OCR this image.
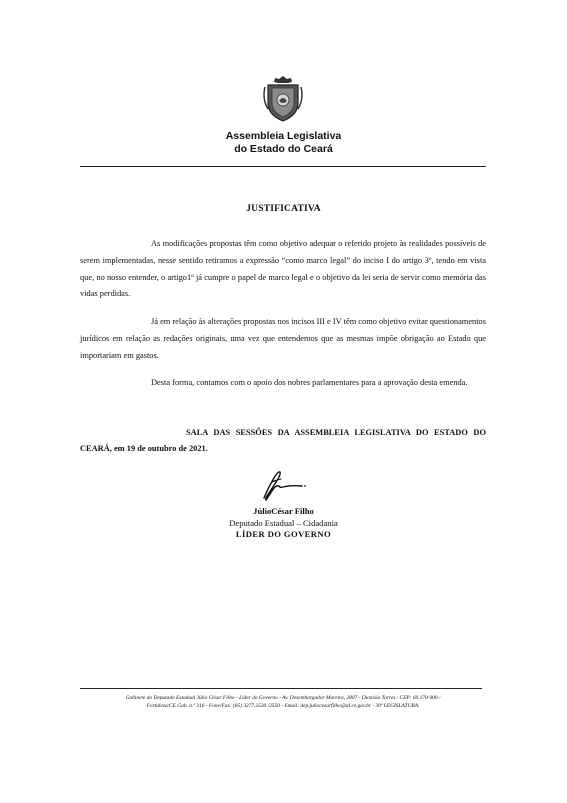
Assembleia Legislativa
do Estado do Ceará
JUSTIFICATIVA

As modificações propostas têm como objetivo adequar o referido projeto às realidades possíveis de serem implementadas, nesse sentido retiramos a expressão “como marco legal” do inciso I do artigo 3º, tendo em vista que, no nosso entender, o artigo1º já cumpre o papel de marco legal e o objetivo da lei seria de servir como memória das vidas perdidas.

Já em relação às alterações propostas nos incisos III e IV têm como objetivo evitar questionamentos jurídicos em relação as redações originais, uma vez que entendemos que as mesmas impõe obrigação ao Estado que importariam em gastos.

Desta forma, contamos com o apoio dos nobres parlamentares para a aprovação desta emenda.

SALA DAS SESSÕES DA ASSEMBLEIA LEGISLATIVA DO ESTADO DO CEARÁ, em 19 de outubro de 2021.

JúlioCésar Filho
Deputado Estadual – Cidadania
LÍDER DO GOVERNO
Gabinete do Deputado Estadual Júlio César Filho - Líder do Governo - Av. Desembargador Moreira, 2807 - Dionísio Torres / CEP: 60.170-900 /
Fortaleza/CE Gab. n.º 316 - Fone/Fax: (85) 3277.2530 /2550 - Email: dep.juliocesarfilho@al.ce.gov.br - 30ª LEGISLATURA.
